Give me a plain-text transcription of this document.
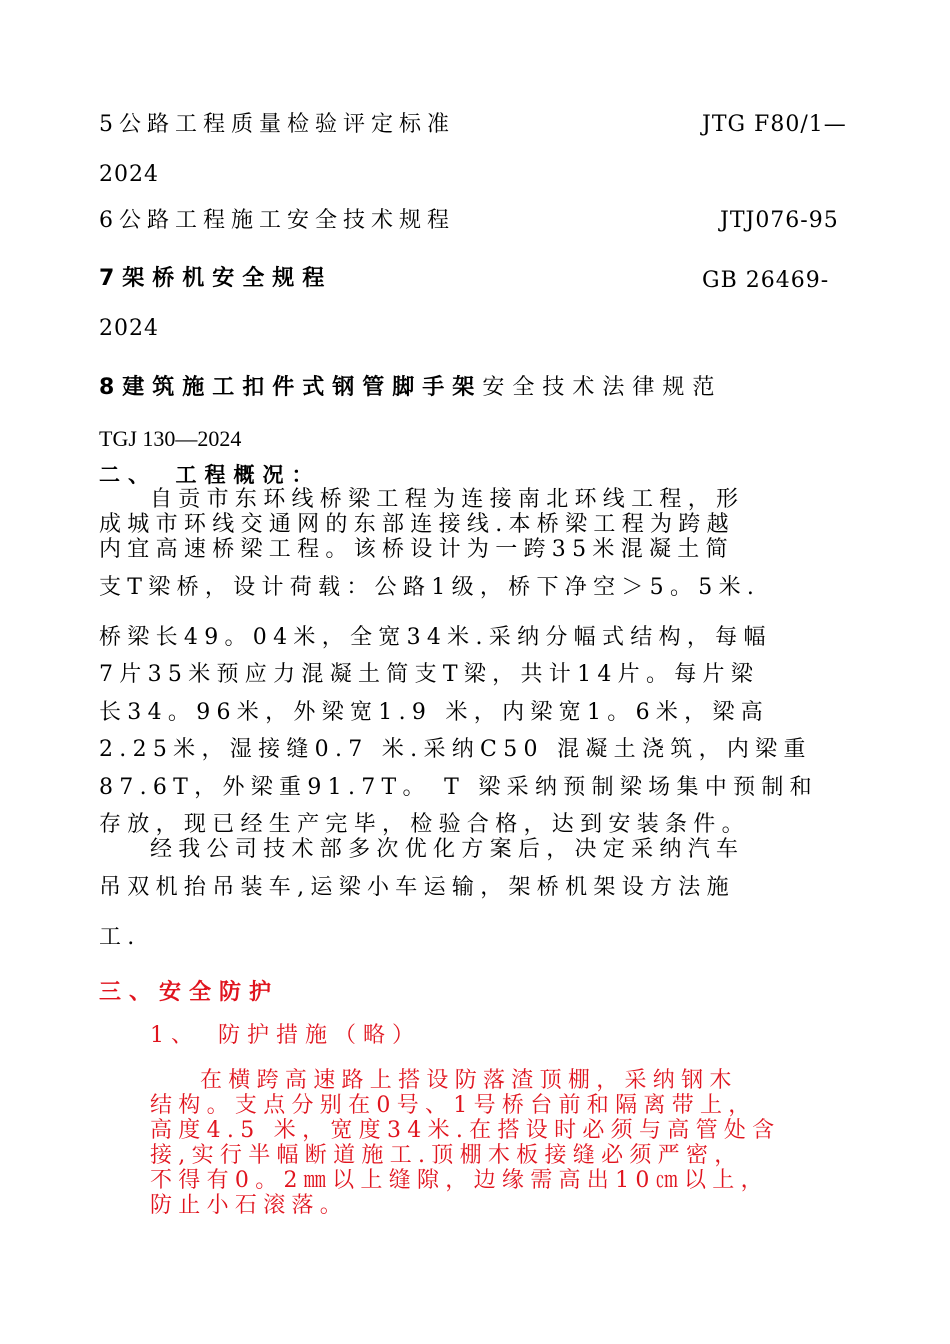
5公路工程质量检验评定标准	JTG F80/1—
2024
6公路工程施工安全技术规程	JTJ076-95
7架桥机安全规程	GB 26469-
2024
8建筑施工扣件式钢管脚手架安全技术法律规范
TGJ 130—2024
二、　工程概况：
自贡市东环线桥梁工程为连接南北环线工程，形
成城市环线交通网的东部连接线.本桥梁工程为跨越
内宜高速桥梁工程。该桥设计为一跨35米混凝土简
支T梁桥，设计荷载：公路1级，桥下净空＞5。5米.
桥梁长49。04米，全宽34米.采纳分幅式结构，每幅
7片35米预应力混凝土简支T梁，共计14片。每片梁
长34。96米，外梁宽1.9 米，内梁宽1。6米，梁高
2.25米，湿接缝0.7 米.采纳C50 混凝土浇筑，内梁重
87.6T，外梁重91.7T。 T 梁采纳预制梁场集中预制和
存放，现已经生产完毕，检验合格，达到安装条件。
经我公司技术部多次优化方案后，决定采纳汽车
吊双机抬吊装车,运梁小车运输，架桥机架设方法施
工.
三、安全防护
1、　防护措施（略）
在横跨高速路上搭设防落渣顶棚，采纳钢木
结构。支点分别在0号、1号桥台前和隔离带上，
高度4.5 米，宽度34米.在搭设时必须与高管处含
接,实行半幅断道施工.顶棚木板接缝必须严密，
不得有0。2㎜以上缝隙，边缘需高出10㎝以上，
防止小石滚落。
